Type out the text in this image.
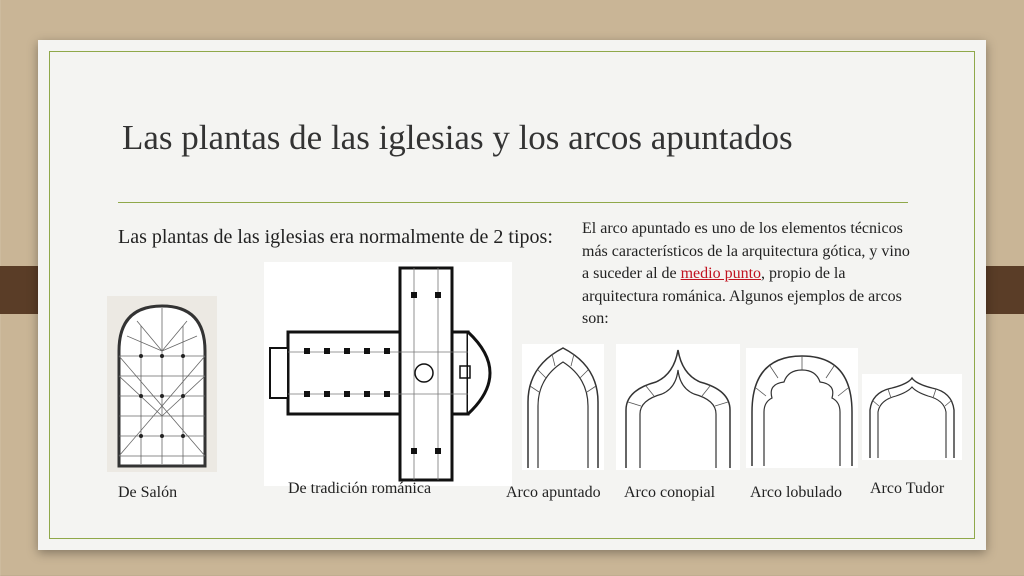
Las plantas de las iglesias y los arcos apuntados
Las plantas de las iglesias era normalmente de 2 tipos:	El arco apuntado es uno de los elementos técnicos más característicos de la arquitectura gótica, y vino a suceder al de medio punto, propio de la arquitectura románica. Algunos ejemplos de arcos son:
De Salón	De tradición románica	Arco apuntado Arco conopial Arco lobulado Arco Tudor
